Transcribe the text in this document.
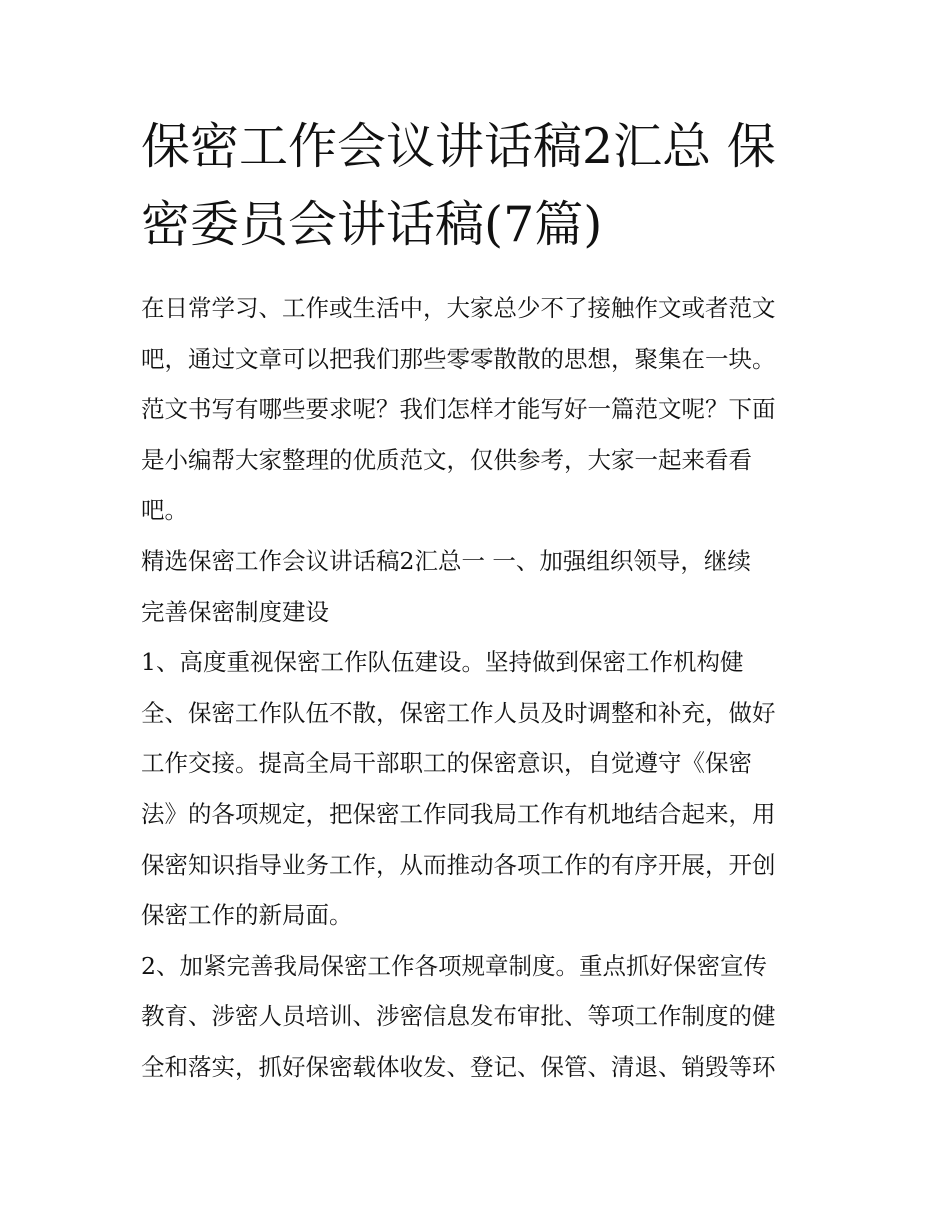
保密工作会议讲话稿2汇总 保
密委员会讲话稿(7篇)
在日常学习、工作或生活中，大家总少不了接触作文或者范文
吧，通过文章可以把我们那些零零散散的思想，聚集在一块。
范文书写有哪些要求呢？我们怎样才能写好一篇范文呢？下面
是小编帮大家整理的优质范文，仅供参考，大家一起来看看
吧。
精选保密工作会议讲话稿2汇总一 一、加强组织领导，继续
完善保密制度建设
1、高度重视保密工作队伍建设。坚持做到保密工作机构健
全、保密工作队伍不散，保密工作人员及时调整和补充，做好
工作交接。提高全局干部职工的保密意识，自觉遵守《保密
法》的各项规定，把保密工作同我局工作有机地结合起来，用
保密知识指导业务工作，从而推动各项工作的有序开展，开创
保密工作的新局面。
2、加紧完善我局保密工作各项规章制度。重点抓好保密宣传
教育、涉密人员培训、涉密信息发布审批、等项工作制度的健
全和落实，抓好保密载体收发、登记、保管、清退、销毁等环
